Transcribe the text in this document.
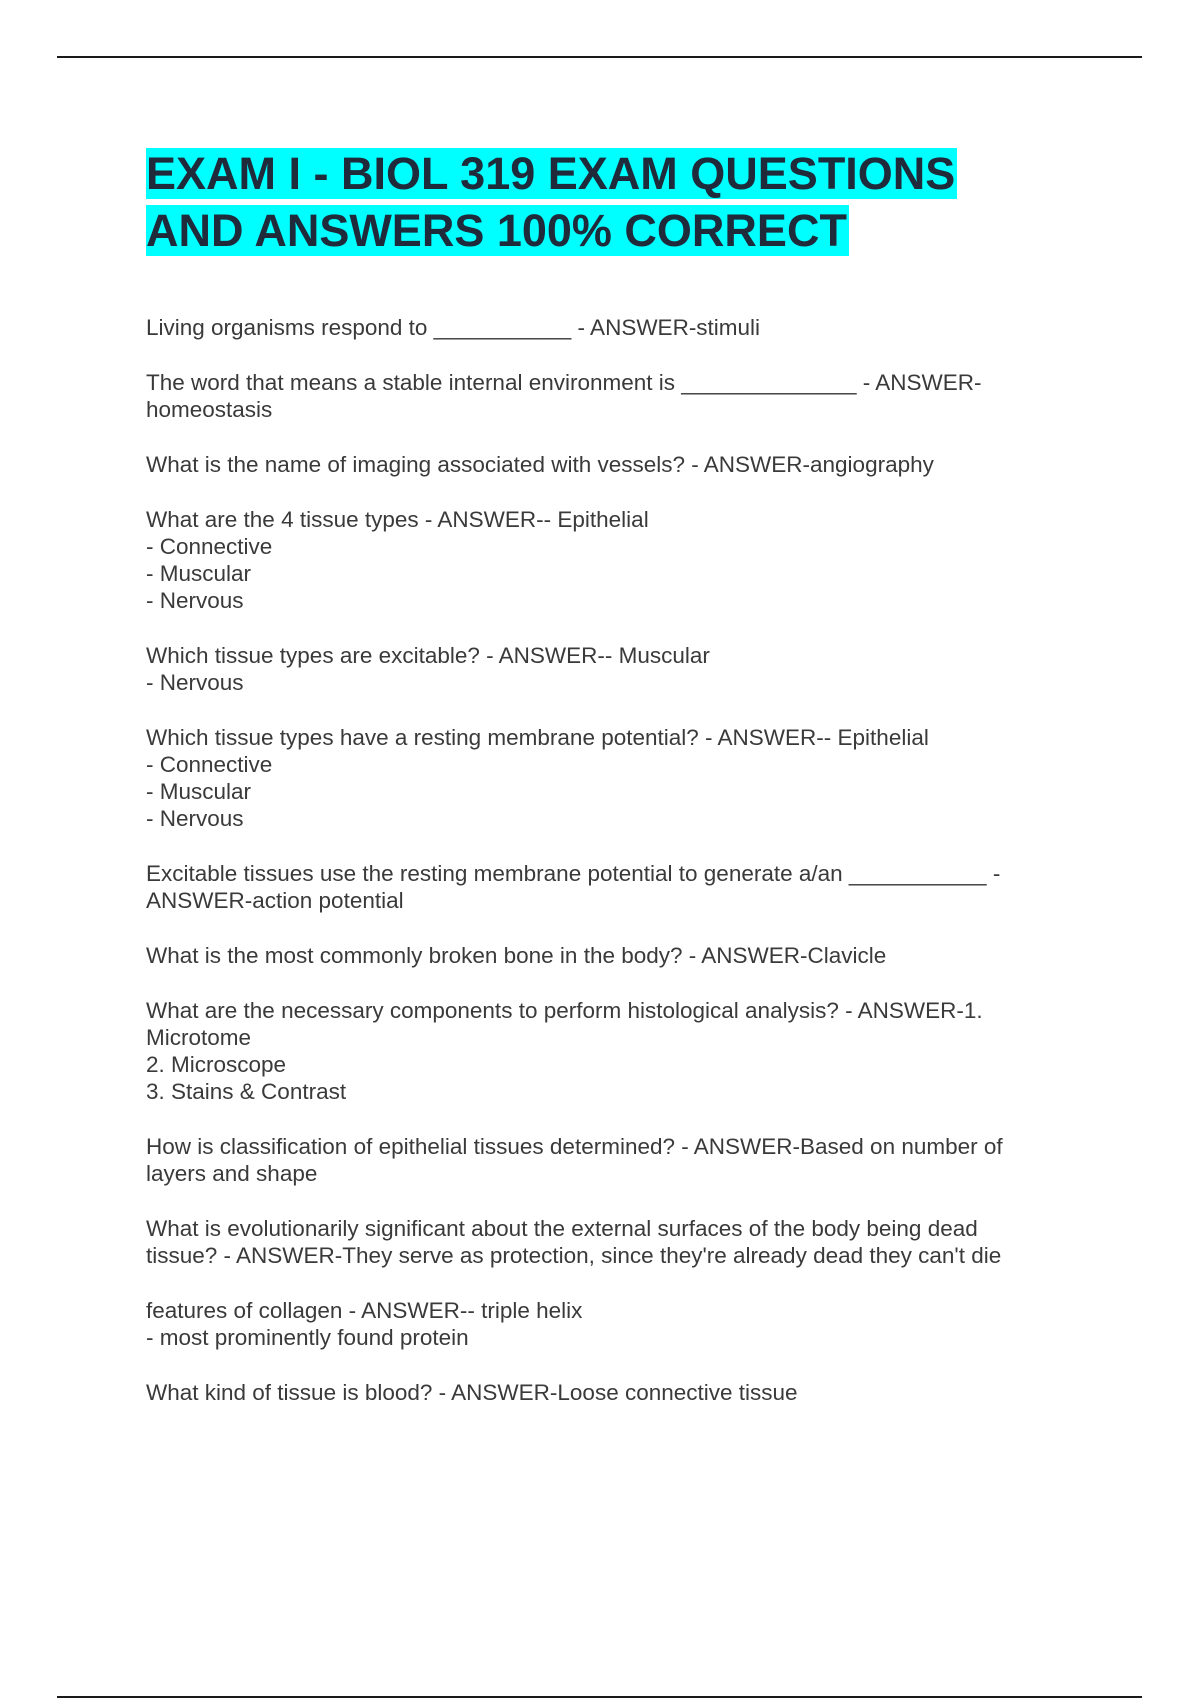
EXAM I - BIOL 319 EXAM QUESTIONS
AND ANSWERS 100% CORRECT

Living organisms respond to ___________ - ANSWER-stimuli

The word that means a stable internal environment is ______________ - ANSWER-
homeostasis

What is the name of imaging associated with vessels? - ANSWER-angiography

What are the 4 tissue types - ANSWER-- Epithelial
- Connective
- Muscular
- Nervous

Which tissue types are excitable? - ANSWER-- Muscular
- Nervous

Which tissue types have a resting membrane potential? - ANSWER-- Epithelial
- Connective
- Muscular
- Nervous

Excitable tissues use the resting membrane potential to generate a/an ___________ -
ANSWER-action potential

What is the most commonly broken bone in the body? - ANSWER-Clavicle

What are the necessary components to perform histological analysis? - ANSWER-1.
Microtome
2. Microscope
3. Stains & Contrast

How is classification of epithelial tissues determined? - ANSWER-Based on number of
layers and shape

What is evolutionarily significant about the external surfaces of the body being dead
tissue? - ANSWER-They serve as protection, since they're already dead they can't die

features of collagen - ANSWER-- triple helix
- most prominently found protein

What kind of tissue is blood? - ANSWER-Loose connective tissue
